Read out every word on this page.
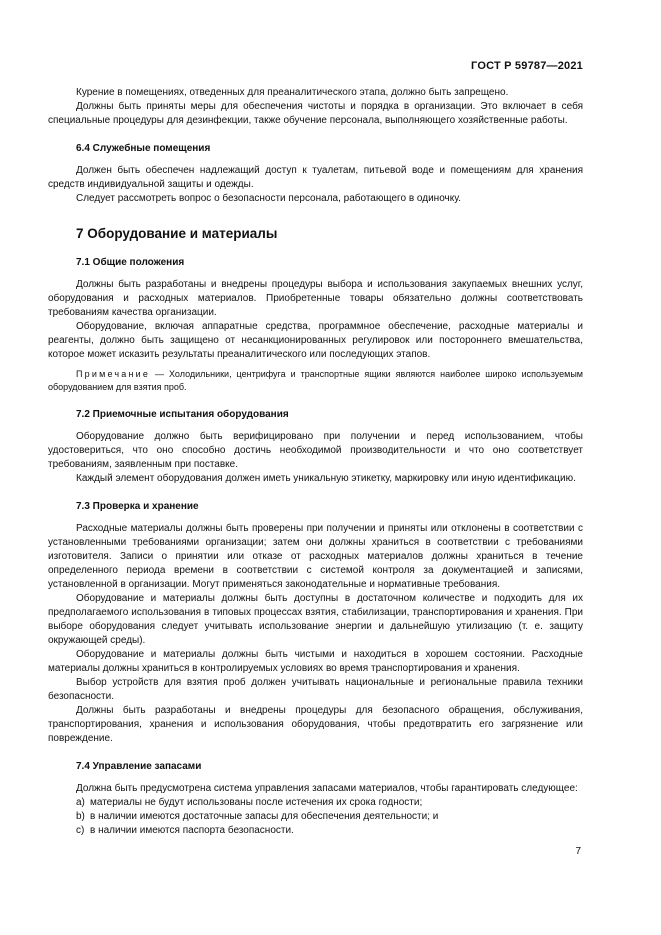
ГОСТ Р 59787—2021

Курение в помещениях, отведенных для преаналитического этапа, должно быть запрещено.

Должны быть приняты меры для обеспечения чистоты и порядка в организации. Это включает в себя специальные процедуры для дезинфекции, также обучение персонала, выполняющего хозяйственные работы.

6.4 Служебные помещения

Должен быть обеспечен надлежащий доступ к туалетам, питьевой воде и помещениям для хранения средств индивидуальной защиты и одежды.

Следует рассмотреть вопрос о безопасности персонала, работающего в одиночку.

7 Оборудование и материалы
7.1 Общие положения

Должны быть разработаны и внедрены процедуры выбора и использования закупаемых внешних услуг, оборудования и расходных материалов. Приобретенные товары обязательно должны соответствовать требованиям качества организации.

Оборудование, включая аппаратные средства, программное обеспечение, расходные материалы и реагенты, должно быть защищено от несанкционированных регулировок или постороннего вмешательства, которое может исказить результаты преаналитического или последующих этапов.

Примечание — Холодильники, центрифуга и транспортные ящики являются наиболее широко используемым оборудованием для взятия проб.

7.2 Приемочные испытания оборудования

Оборудование должно быть верифицировано при получении и перед использованием, чтобы удостовериться, что оно способно достичь необходимой производительности и что оно соответствует требованиям, заявленным при поставке.

Каждый элемент оборудования должен иметь уникальную этикетку, маркировку или иную идентификацию.

7.3 Проверка и хранение

Расходные материалы должны быть проверены при получении и приняты или отклонены в соответствии с установленными требованиями организации; затем они должны храниться в соответствии с требованиями изготовителя. Записи о принятии или отказе от расходных материалов должны храниться в течение определенного периода времени в соответствии с системой контроля за документацией и записями, установленной в организации. Могут применяться законодательные и нормативные требования.

Оборудование и материалы должны быть доступны в достаточном количестве и подходить для их предполагаемого использования в типовых процессах взятия, стабилизации, транспортирования и хранения. При выборе оборудования следует учитывать использование энергии и дальнейшую утилизацию (т. е. защиту окружающей среды).

Оборудование и материалы должны быть чистыми и находиться в хорошем состоянии. Расходные материалы должны храниться в контролируемых условиях во время транспортирования и хранения.

Выбор устройств для взятия проб должен учитывать национальные и региональные правила техники безопасности.

Должны быть разработаны и внедрены процедуры для безопасного обращения, обслуживания, транспортирования, хранения и использования оборудования, чтобы предотвратить его загрязнение или повреждение.

7.4 Управление запасами

Должна быть предусмотрена система управления запасами материалов, чтобы гарантировать следующее:

a) материалы не будут использованы после истечения их срока годности;

b) в наличии имеются достаточные запасы для обеспечения деятельности; и

c) в наличии имеются паспорта безопасности.

7
